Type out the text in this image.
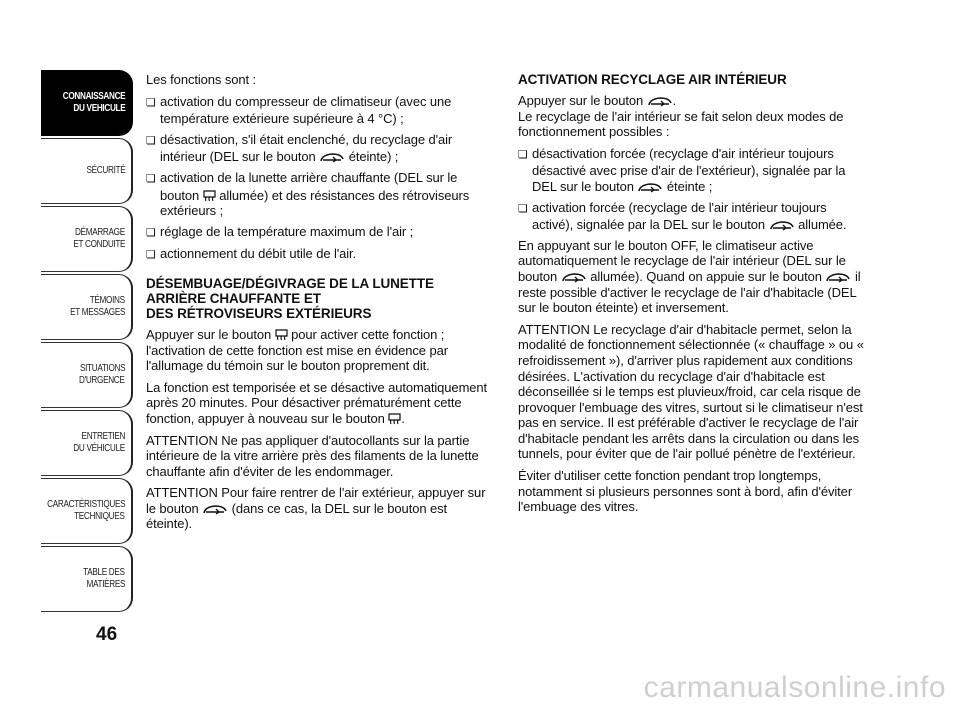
CONNAISSANCE
DU VEHICULE
SÉCURITÉ
DÉMARRAGE
ET CONDUITE
TÉMOINS
ET MESSAGES
SITUATIONS
D'URGENCE
ENTRETIEN
DU VÉHICULE
CARACTÉRISTIQUES
TECHNIQUES
TABLE DES
MATIÈRES
46

Les fonctions sont :

❏ activation du compresseur de climatiseur (avec une température extérieure supérieure à 4 °C) ;

❏ désactivation, s'il était enclenché, du recyclage d'air intérieur (DEL sur le bouton	éteinte) ;

❏ activation de la lunette arrière chauffante (DEL sur le bouton allumée) et des résistances des rétroviseurs extérieurs ;

❏ réglage de la température maximum de l'air ;

❏ actionnement du débit utile de l'air.

DÉSEMBUAGE/DÉGIVRAGE DE LA LUNETTE
ARRIÈRE CHAUFFANTE ET
DES RÉTROVISEURS EXTÉRIEURS

Appuyer sur le bouton pour activer cette fonction ; l'activation de cette fonction est mise en évidence par l'allumage du témoin sur le bouton proprement dit.

La fonction est temporisée et se désactive automatiquement après 20 minutes. Pour désactiver prématurément cette fonction, appuyer à nouveau sur le bouton .

ATTENTION Ne pas appliquer d'autocollants sur la partie intérieure de la vitre arrière près des filaments de la lunette chauffante afin d'éviter de les endommager.

ATTENTION Pour faire rentrer de l'air extérieur, appuyer sur le bouton	(dans ce cas, la DEL sur le bouton est éteinte).

ACTIVATION RECYCLAGE AIR INTÉRIEUR

Appuyer sur le bouton .

Le recyclage de l'air intérieur se fait selon deux modes de fonctionnement possibles :

❏ désactivation forcée (recyclage d'air intérieur toujours désactivé avec prise d'air de l'extérieur), signalée par la DEL sur le bouton	éteinte ;

❏ activation forcée (recyclage de l'air intérieur toujours activé), signalée par la DEL sur le bouton	allumée.

En appuyant sur le bouton OFF, le climatiseur active automatiquement le recyclage de l'air intérieur (DEL sur le bouton	allumée). Quand on appuie sur le bouton	il reste possible d'activer le recyclage de l'air d'habitacle (DEL sur le bouton éteinte) et inversement.

ATTENTION Le recyclage d'air d'habitacle permet, selon la modalité de fonctionnement sélectionnée (« chauffage » ou « refroidissement »), d'arriver plus rapidement aux conditions désirées. L'activation du recyclage d'air d'habitacle est déconseillée si le temps est pluvieux/froid, car cela risque de provoquer l'embuage des vitres, surtout si le climatiseur n'est pas en service. Il est préférable d'activer le recyclage de l'air d'habitacle pendant les arrêts dans la circulation ou dans les tunnels, pour éviter que de l'air pollué pénètre de l'extérieur.

Éviter d'utiliser cette fonction pendant trop longtemps, notamment si plusieurs personnes sont à bord, afin d'éviter l'embuage des vitres.

carmanualsonline.info
